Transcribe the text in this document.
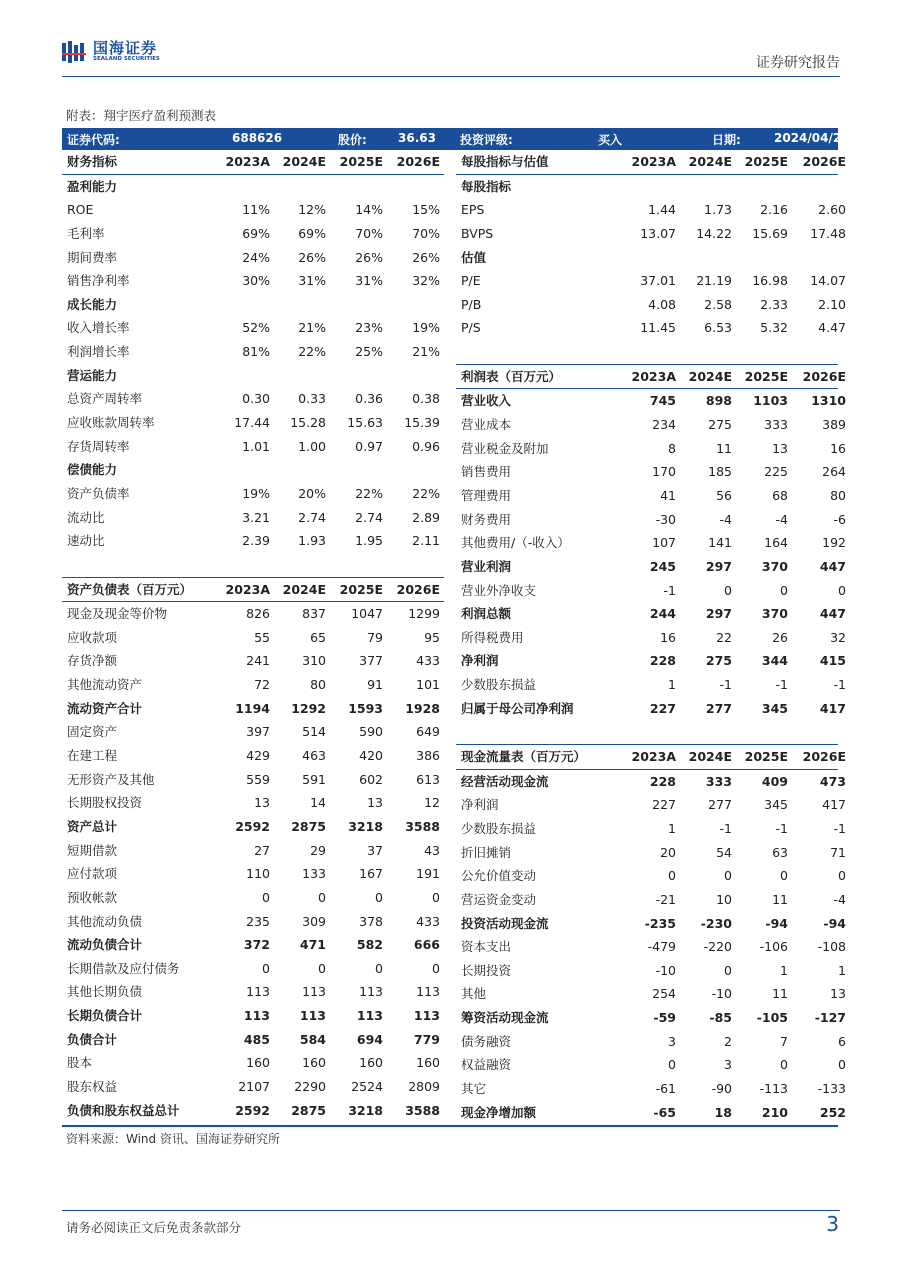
国海证券
SEALAND SECURITIES	证券研究报告
附表：翔宇医疗盈利预测表
证券代码:	688626	股价:	36.63 投资评级:	买入	日期:	2024/04/23
财务指标	2023A	2024E	2025E	2026E
盈利能力
ROE	11%	12%	14%	15%
毛利率	69%	69%	70%	70%
期间费率	24%	26%	26%	26%
销售净利率	30%	31%	31%	32%
成长能力
收入增长率	52%	21%	23%	19%
利润增长率	81%	22%	25%	21%
营运能力
总资产周转率	0.30	0.33	0.36	0.38
应收账款周转率	17.44	15.28	15.63	15.39
存货周转率	1.01	1.00	0.97	0.96
偿债能力
资产负债率	19%	20%	22%	22%
流动比	3.21	2.74	2.74	2.89
速动比	2.39	1.93	1.95	2.11
资产负债表（百万元）	2023A	2024E	2025E	2026E
现金及现金等价物	826	837	1047	1299
应收款项	55	65	79	95
存货净额	241	310	377	433
其他流动资产	72	80	91	101
流动资产合计	1194	1292	1593	1928
固定资产	397	514	590	649
在建工程	429	463	420	386
无形资产及其他	559	591	602	613
长期股权投资	13	14	13	12
资产总计	2592	2875	3218	3588
短期借款	27	29	37	43
应付款项	110	133	167	191
预收帐款	0	0	0	0
其他流动负债	235	309	378	433
流动负债合计	372	471	582	666
长期借款及应付债务	0	0	0	0
其他长期负债	113	113	113	113
长期负债合计	113	113	113	113
负债合计	485	584	694	779
股本	160	160	160	160
股东权益	2107	2290	2524	2809
负债和股东权益总计	2592	2875	3218	3588
每股指标与估值	2023A	2024E	2025E	2026E
每股指标
EPS	1.44	1.73	2.16	2.60
BVPS	13.07	14.22	15.69	17.48
估值
P/E	37.01	21.19	16.98	14.07
P/B	4.08	2.58	2.33	2.10
P/S	11.45	6.53	5.32	4.47
利润表（百万元）	2023A	2024E	2025E	2026E
营业收入	745	898	1103	1310
营业成本	234	275	333	389
营业税金及附加	8	11	13	16
销售费用	170	185	225	264
管理费用	41	56	68	80
财务费用	-30	-4	-4	-6
其他费用/（-收入）	107	141	164	192
营业利润	245	297	370	447
营业外净收支	-1	0	0	0
利润总额	244	297	370	447
所得税费用	16	22	26	32
净利润	228	275	344	415
少数股东损益	1	-1	-1	-1
归属于母公司净利润	227	277	345	417
现金流量表（百万元）	2023A	2024E	2025E	2026E
经营活动现金流	228	333	409	473
净利润	227	277	345	417
少数股东损益	1	-1	-1	-1
折旧摊销	20	54	63	71
公允价值变动	0	0	0	0
营运资金变动	-21	10	11	-4
投资活动现金流	-235	-230	-94	-94
资本支出	-479	-220	-106	-108
长期投资	-10	0	1	1
其他	254	-10	11	13
筹资活动现金流	-59	-85	-105	-127
债务融资	3	2	7	6
权益融资	0	3	0	0
其它	-61	-90	-113	-133
现金净增加额	-65	18	210	252
资料来源：Wind 资讯、国海证券研究所
请务必阅读正文后免责条款部分	3
